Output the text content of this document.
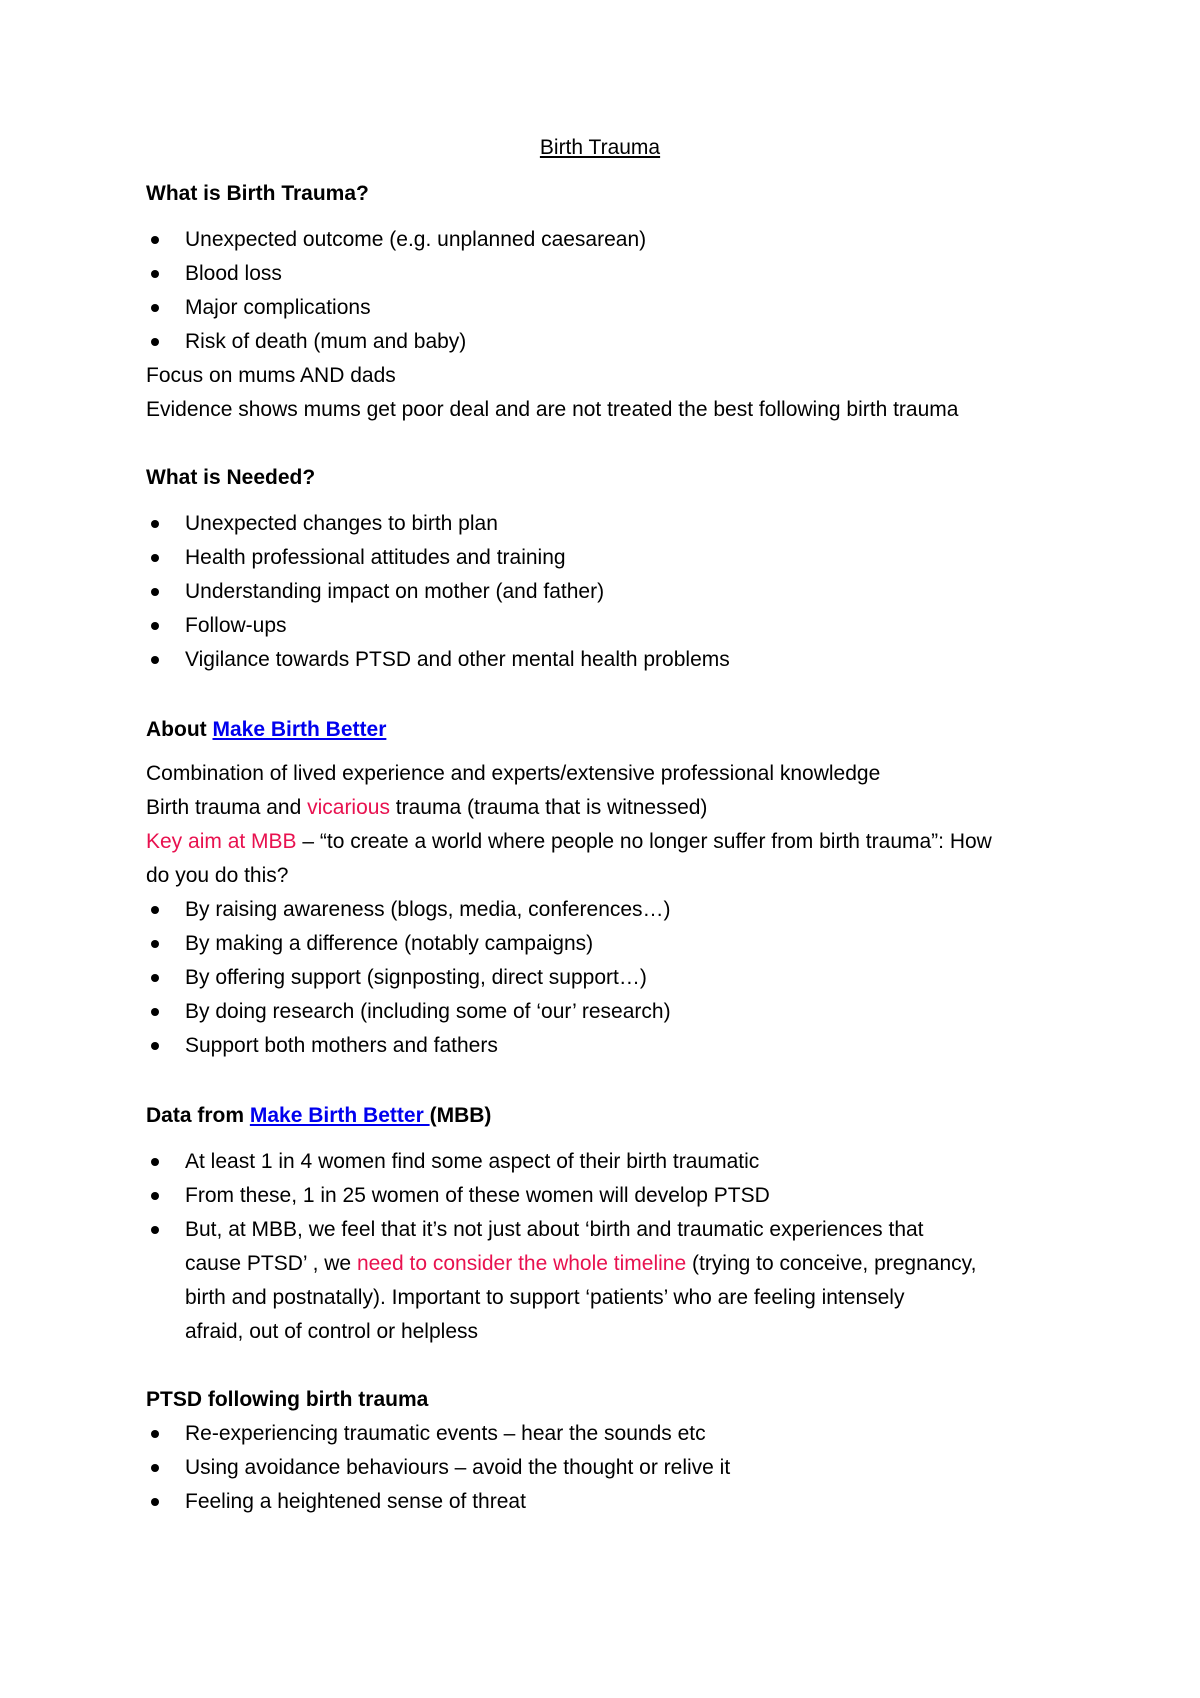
Birth Trauma
What is Birth Trauma?
Unexpected outcome (e.g. unplanned caesarean)
Blood loss
Major complications
Risk of death (mum and baby)
Focus on mums AND dads
Evidence shows mums get poor deal and are not treated the best following birth trauma
What is Needed?
Unexpected changes to birth plan
Health professional attitudes and training
Understanding impact on mother (and father)
Follow-ups
Vigilance towards PTSD and other mental health problems
About Make Birth Better
Combination of lived experience and experts/extensive professional knowledge
Birth trauma and vicarious trauma (trauma that is witnessed)
Key aim at MBB – “to create a world where people no longer suffer from birth trauma”: How
do you do this?
By raising awareness (blogs, media, conferences…)
By making a difference (notably campaigns)
By offering support (signposting, direct support…)
By doing research (including some of ‘our’ research)
Support both mothers and fathers
Data from Make Birth Better (MBB)
At least 1 in 4 women find some aspect of their birth traumatic
From these, 1 in 25 women of these women will develop PTSD
But, at MBB, we feel that it’s not just about ‘birth and traumatic experiences that
cause PTSD’ , we need to consider the whole timeline (trying to conceive, pregnancy,
birth and postnatally). Important to support ‘patients’ who are feeling intensely
afraid, out of control or helpless
PTSD following birth trauma
Re-experiencing traumatic events – hear the sounds etc
Using avoidance behaviours – avoid the thought or relive it
Feeling a heightened sense of threat
